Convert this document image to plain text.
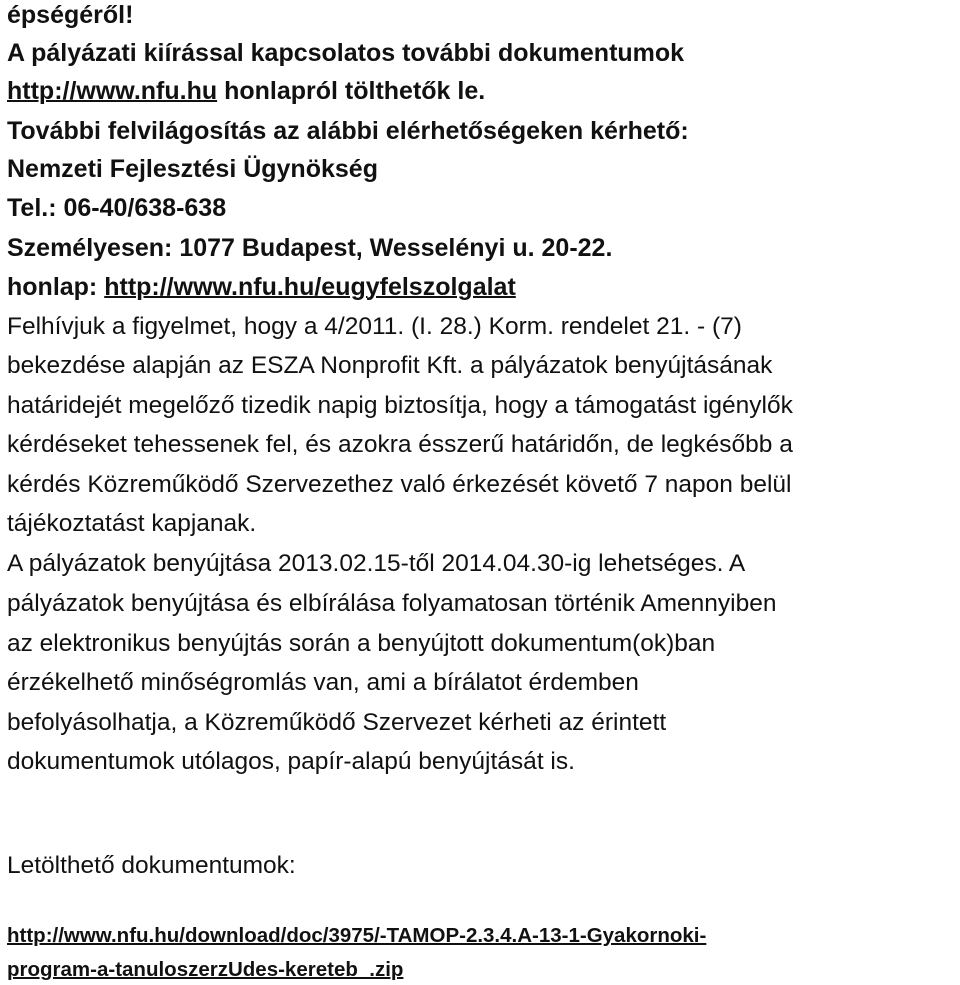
épségéről!
A pályázati kiírással kapcsolatos további dokumentumok
http://www.nfu.hu honlapról tölthetők le.
További felvilágosítás az alábbi elérhetőségeken kérhető:
Nemzeti Fejlesztési Ügynökség
Tel.: 06-40/638-638
Személyesen: 1077 Budapest, Wesselényi u. 20-22.
honlap: http://www.nfu.hu/eugyfelszolgalat
Felhívjuk a figyelmet, hogy a 4/2011. (I. 28.) Korm. rendelet 21. - (7)
bekezdése alapján az ESZA Nonprofit Kft. a pályázatok benyújtásának
határidejét megelőző tizedik napig biztosítja, hogy a támogatást igénylők
kérdéseket tehessenek fel, és azokra ésszerű határidőn, de legkésőbb a
kérdés Közreműködő Szervezethez való érkezését követő 7 napon belül
tájékoztatást kapjanak.
A pályázatok benyújtása 2013.02.15-től 2014.04.30-ig lehetséges. A
pályázatok benyújtása és elbírálása folyamatosan történik Amennyiben
az elektronikus benyújtás során a benyújtott dokumentum(ok)ban
érzékelhető minőségromlás van, ami a bírálatot érdemben
befolyásolhatja, a Közreműködő Szervezet kérheti az érintett
dokumentumok utólagos, papír-alapú benyújtását is.
Letölthető dokumentumok:
http://www.nfu.hu/download/doc/3975/-TAMOP-2.3.4.A-13-1-Gyakornoki-
program-a-tanuloszerzUdes-kereteb_.zip
